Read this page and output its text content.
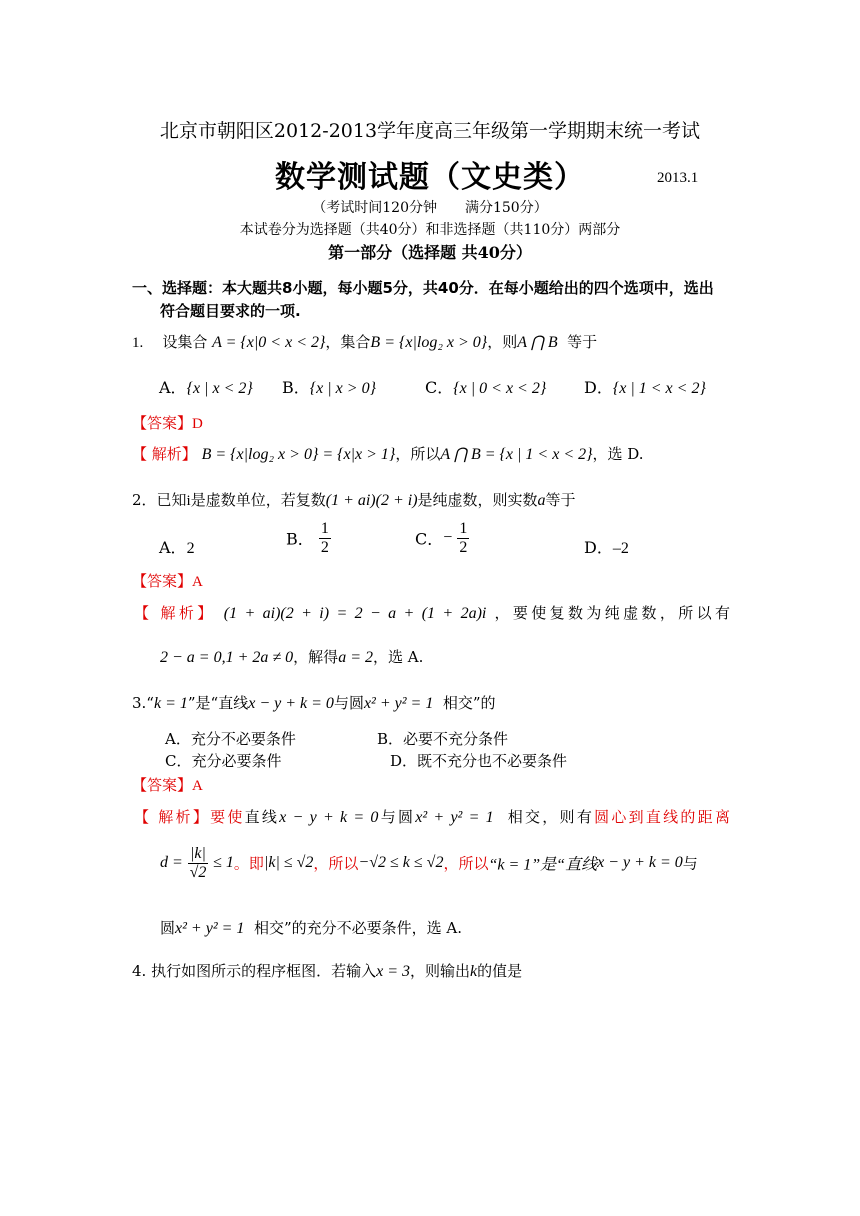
北京市朝阳区2012-2013学年度高三年级第一学期期末统一考试
数学测试题（文史类）	2013.1
（考试时间120分钟　　满分150分）
本试卷分为选择题（共40分）和非选择题（共110分）两部分
第一部分（选择题 共40分）
一、选择题：本大题共8小题，每小题5分，共40分．在每小题给出的四个选项中，选出
符合题目要求的一项.
1. 设集合 A = {x|0 < x < 2}，集合B = {x|log₂ x > 0}，则A ⋂ B 等于
A．{x | x < 2} B．{x | x > 0}	C．{x | 0 < x < 2} D．{x | 1 < x < 2}
【答案】D
【 解析】 B = {x|log₂ x > 0} = {x|x > 1}，所以A ⋂ B = {x | 1 < x < 2}，选 D.
2．已知i是虚数单位，若复数(1 + ai)(2 + i)是纯虚数，则实数a等于
A．2	B． $\frac{1}{2}$	C．− $\frac{1}{2}$	D．–2
【答案】A
【 解析】 (1 + ai)(2 + i) = 2 − a + (1 + 2a)i ，要使复数为纯虚数，所以有
2 − a = 0,1 + 2a ≠ 0，解得a = 2，选 A.
3.“k = 1”是“直线x − y + k = 0与圆x² + y² = 1 相交”的
A．充分不必要条件	B．必要不充分条件
C．充分必要条件	D．既不充分也不必要条件
【答案】A
【 解析】要使直线x − y + k = 0与圆x² + y² = 1 相交，则有圆心到直线的距离
$d = \frac{|k|}{√2} \le 1$。即|k| ≤ √2，所以−√2 ≤ k ≤ √2，所以“k = 1”是“直线x − y + k = 0与
圆x² + y² = 1 相交”的充分不必要条件，选 A.
4. 执行如图所示的程序框图．若输入x = 3，则输出k的值是
